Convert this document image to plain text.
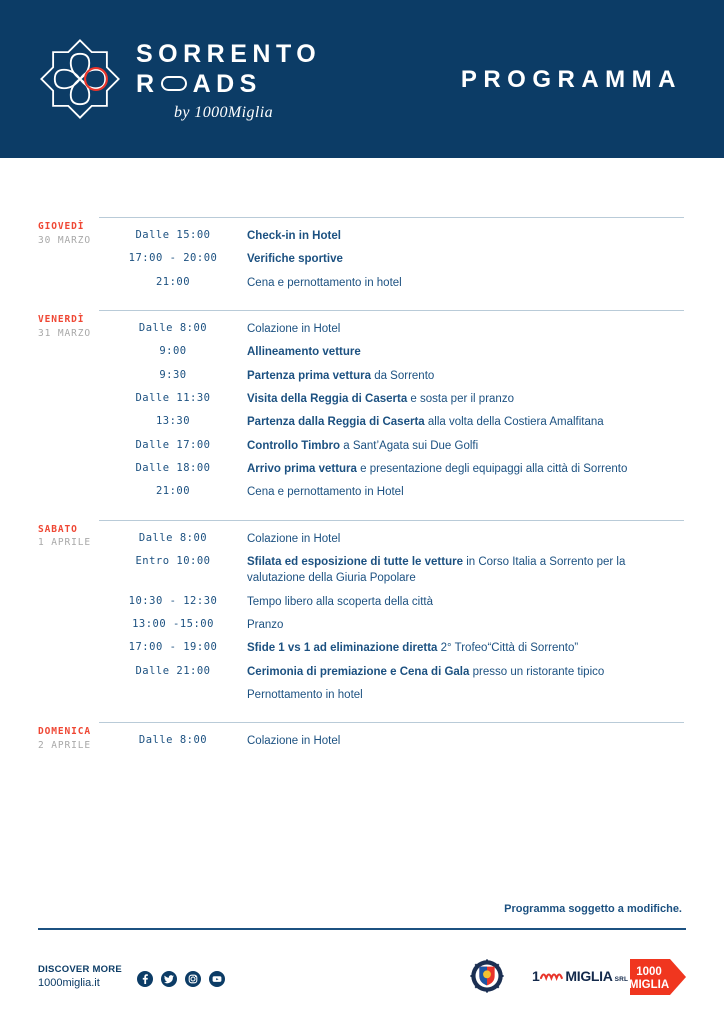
SORRENTO
R ADS
by 1000Miglia
PROGRAMMA
GIOVEDÌ
30 MARZO	Dalle 15:00	Check-in in Hotel
17:00 - 20:00	Verifiche sportive
21:00	Cena e pernottamento in hotel
VENERDÌ
31 MARZO	Dalle 8:00	Colazione in Hotel
9:00	Allineamento vetture
9:30	Partenza prima vettura da Sorrento
Dalle 11:30	Visita della Reggia di Caserta e sosta per il pranzo
13:30	Partenza dalla Reggia di Caserta alla volta della Costiera Amalfitana
Dalle 17:00	Controllo Timbro a Sant’Agata sui Due Golfi
Dalle 18:00	Arrivo prima vettura e presentazione degli equipaggi alla città di Sorrento
21:00	Cena e pernottamento in Hotel
SABATO
1 APRILE	Dalle 8:00	Colazione in Hotel
Entro 10:00	Sfilata ed esposizione di tutte le vetture in Corso Italia a Sorrento per la valutazione della Giuria Popolare
10:30 - 12:30	Tempo libero alla scoperta della città
13:00 -15:00	Pranzo
17:00 - 19:00	Sfide 1 vs 1 ad eliminazione diretta 2° Trofeo“Città di Sorrento”
Dalle 21:00	Cerimonia di premiazione e Cena di Gala presso un ristorante tipico
Pernottamento in hotel
DOMENICA
2 APRILE	Dalle 8:00	Colazione in Hotel
Programma soggetto a modifiche.
DISCOVER MORE
1000miglia.it	1 MIGLIA SRL
1000
MIGLIA
